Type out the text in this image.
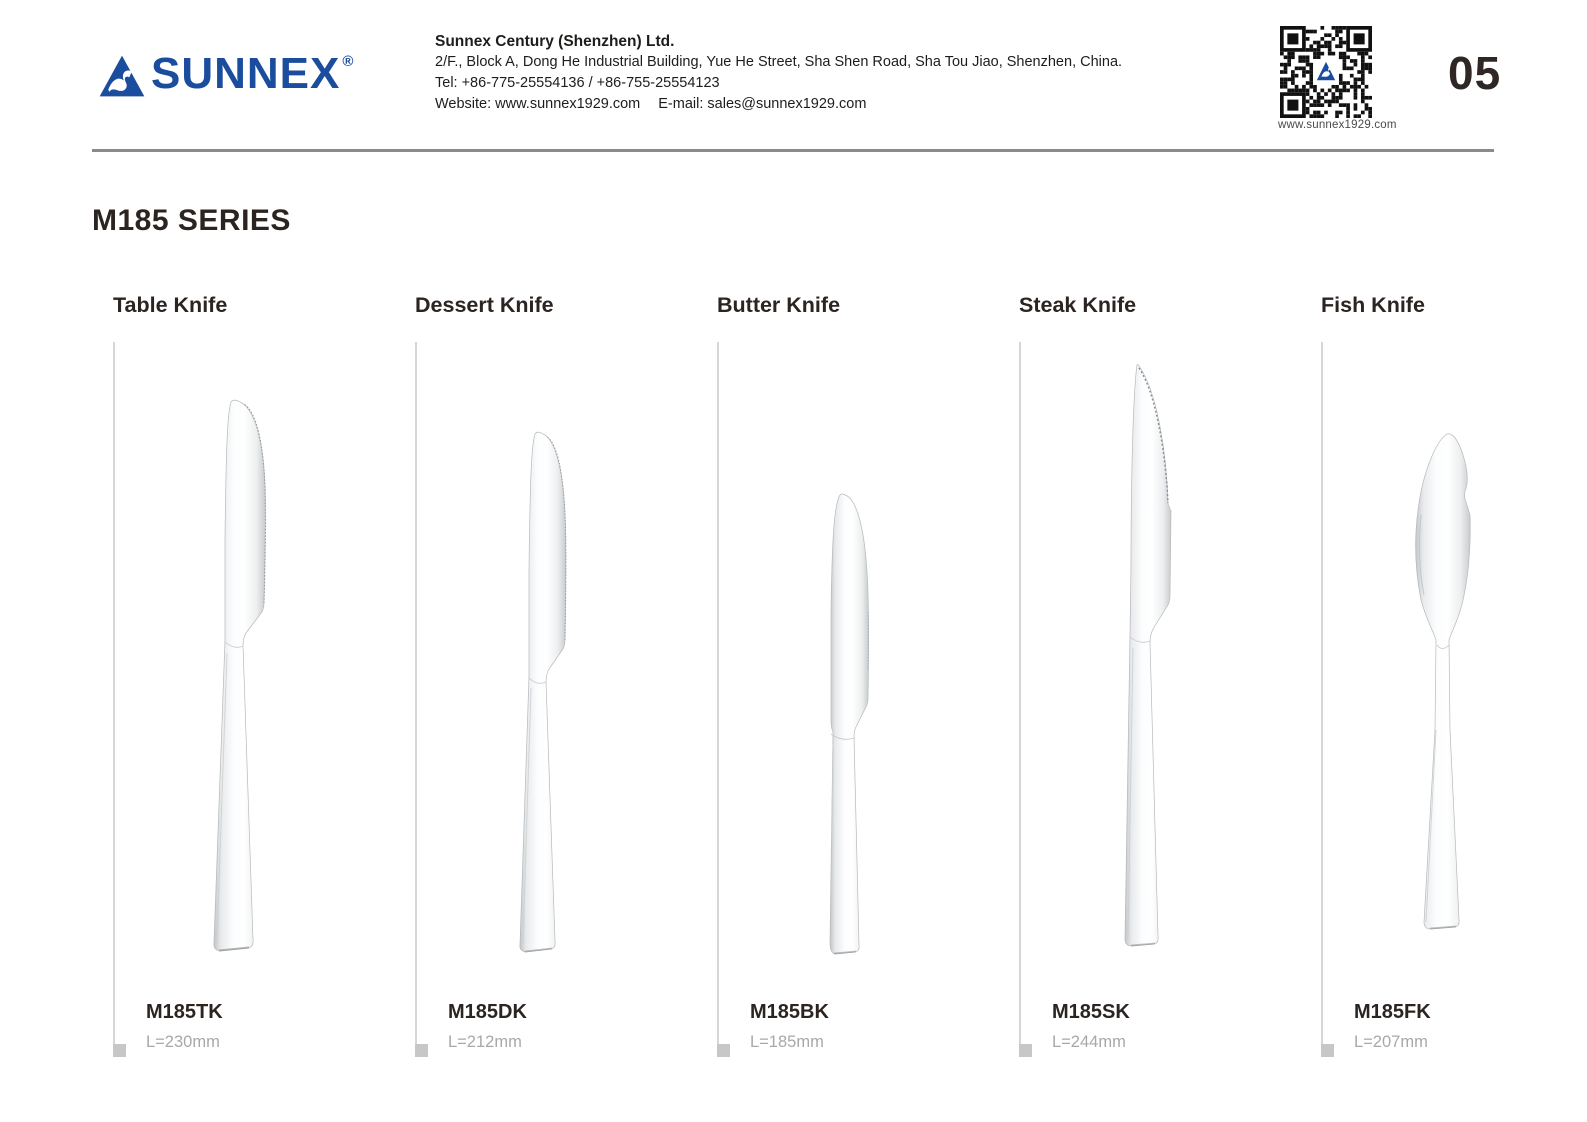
SUNNEX ®
Sunnex Century (Shenzhen) Ltd.
2/F., Block A, Dong He Industrial Building, Yue He Street, Sha Shen Road, Sha Tou Jiao, Shenzhen, China.
Tel: +86-775-25554136 / +86-755-25554123
Website: www.sunnex1929.com E-mail: sales@sunnex1929.com
www.sunnex1929.com
05
M185 SERIES
Table Knife
M185TK
L=230mm
Dessert Knife
M185DK
L=212mm
Butter Knife
M185BK
L=185mm
Steak Knife
M185SK
L=244mm
Fish Knife
M185FK
L=207mm
